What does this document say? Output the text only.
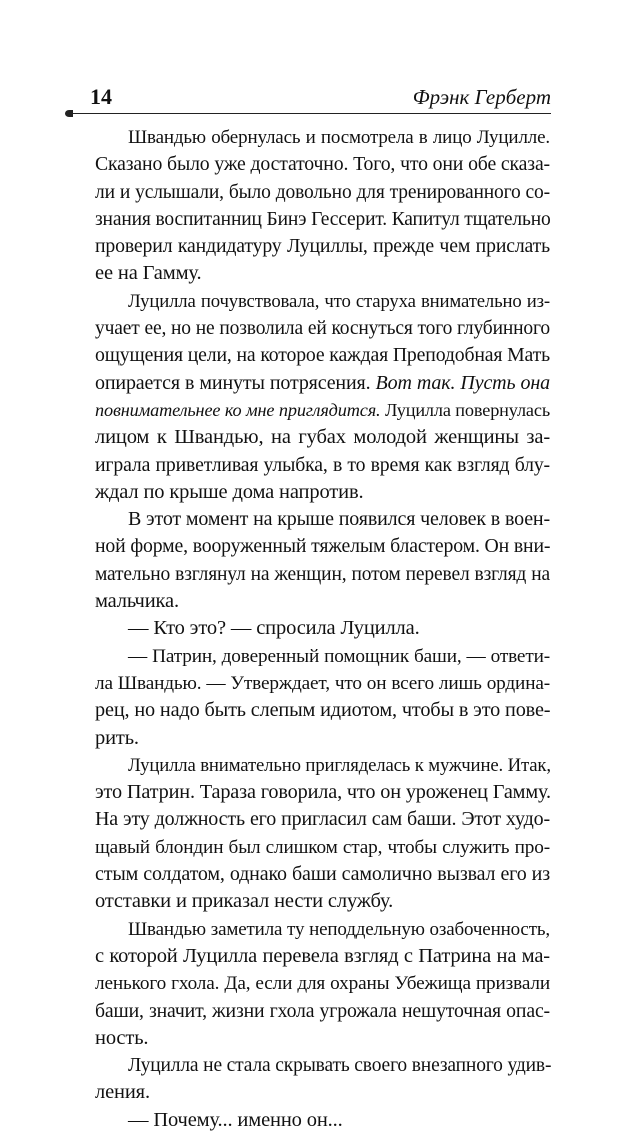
14	Фрэнк Герберт
Швандью обернулась и посмотрела в лицо Луцилле.
Сказано было уже достаточно. Того, что они обе сказа-
ли и услышали, было довольно для тренированного со-
знания воспитанниц Бинэ Гессерит. Капитул тщательно
проверил кандидатуру Луциллы, прежде чем прислать
ее на Гамму.
Луцилла почувствовала, что старуха внимательно из-
учает ее, но не позволила ей коснуться того глубинного
ощущения цели, на которое каждая Преподобная Мать
опирается в минуты потрясения. Вот так. Пусть она
повнимательнее ко мне приглядится. Луцилла повернулась
лицом к Швандью, на губах молодой женщины за-
играла приветливая улыбка, в то время как взгляд блу-
ждал по крыше дома напротив.
В этот момент на крыше появился человек в воен-
ной форме, вооруженный тяжелым бластером. Он вни-
мательно взглянул на женщин, потом перевел взгляд на
мальчика.
— Кто это? — спросила Луцилла.
— Патрин, доверенный помощник баши, — ответи-
ла Швандью. — Утверждает, что он всего лишь ордина-
рец, но надо быть слепым идиотом, чтобы в это пове-
рить.
Луцилла внимательно пригляделась к мужчине. Итак,
это Патрин. Тараза говорила, что он уроженец Гамму.
На эту должность его пригласил сам баши. Этот худо-
щавый блондин был слишком стар, чтобы служить про-
стым солдатом, однако баши самолично вызвал его из
отставки и приказал нести службу.
Швандью заметила ту неподдельную озабоченность,
с которой Луцилла перевела взгляд с Патрина на ма-
ленького гхола. Да, если для охраны Убежища призвали
баши, значит, жизни гхола угрожала нешуточная опас-
ность.
Луцилла не стала скрывать своего внезапного удив-
ления.
— Почему... именно он...
